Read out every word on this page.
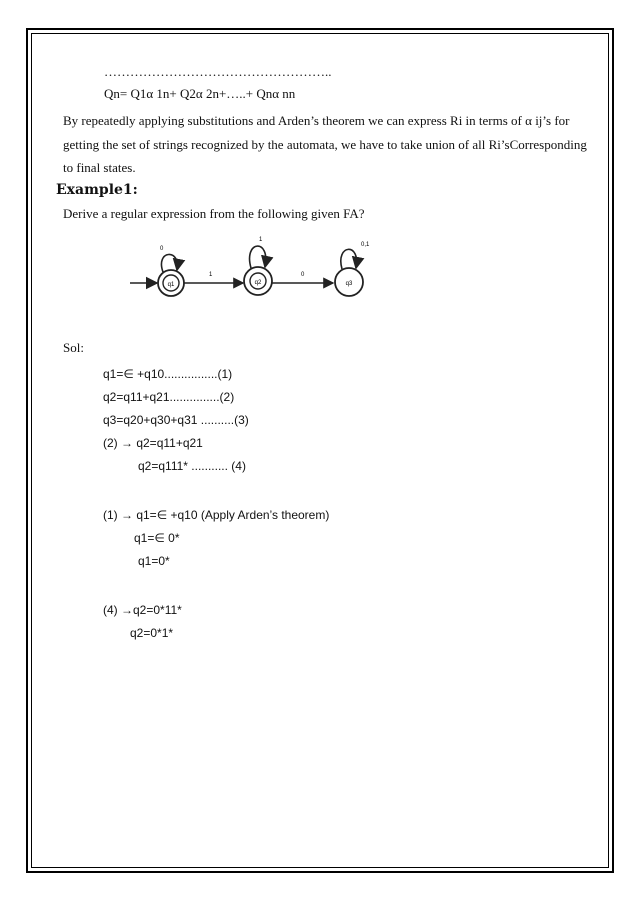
……………………………………………..
Qn= Q1α 1n+ Q2α 2n+…..+ Qnα nn
By repeatedly applying substitutions and Arden’s theorem we can express Ri in terms of α ij’s for
getting the set of strings recognized by the automata, we have to take union of all Ri’sCorresponding
to final states.
Example1:
Derive a regular expression from the following given FA?
q1
0
1
q2
1
0
q3
0,1
Sol:
q1=∈ +q10................(1)
q2=q11+q21...............(2)
q3=q20+q30+q31 ..........(3)
(2) → q2=q11+q21
q2=q111* ........... (4)
(1) → q1=∈ +q10 (Apply Arden’s theorem)
q1=∈ 0*
q1=0*
(4) →q2=0*11*
q2=0*1*
